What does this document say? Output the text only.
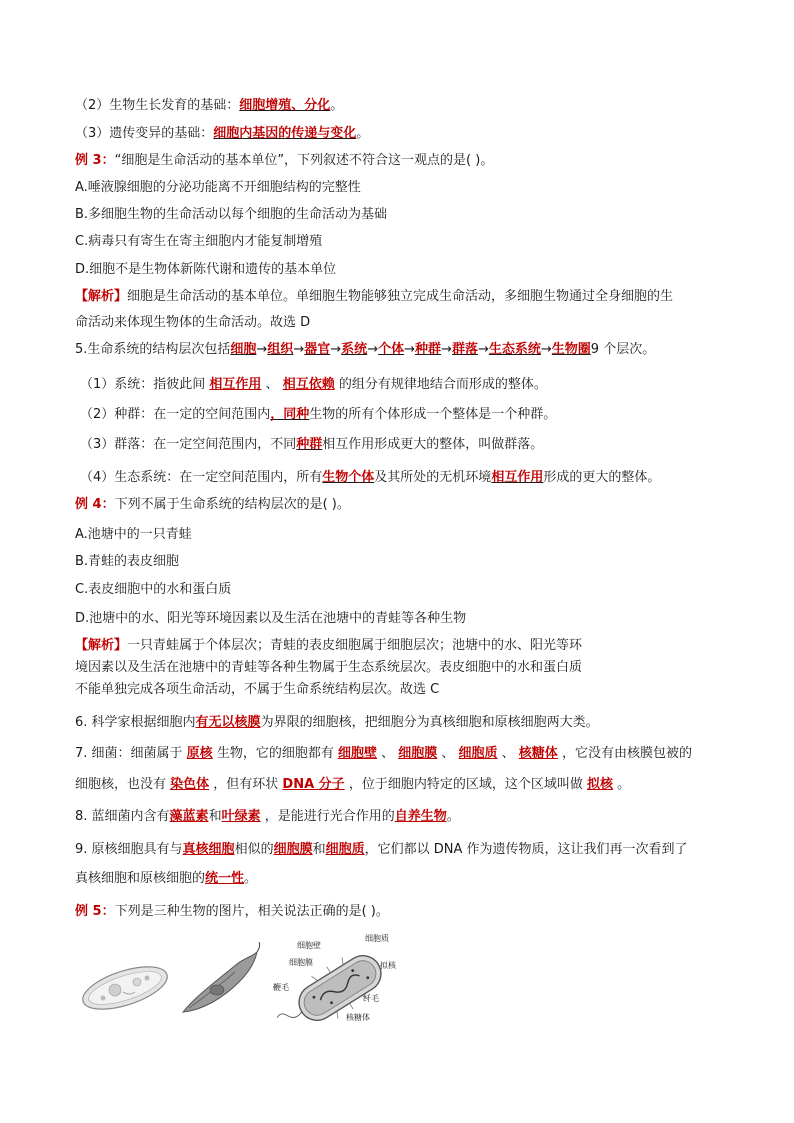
（2）生物生长发育的基础：细胞增殖、分化。
（3）遗传变异的基础：细胞内基因的传递与变化。
例 3：“细胞是生命活动的基本单位”，下列叙述不符合这一观点的是( )。
A.唾液腺细胞的分泌功能离不开细胞结构的完整性
B.多细胞生物的生命活动以每个细胞的生命活动为基础
C.病毒只有寄生在寄主细胞内才能复制增殖
D.细胞不是生物体新陈代谢和遗传的基本单位
【解析】细胞是生命活动的基本单位。单细胞生物能够独立完成生命活动，多细胞生物通过全身细胞的生
命活动来体现生物体的生命活动。故选 D
5.生命系统的结构层次包括细胞→组织→器官→系统→个体→种群→群落→生态系统→生物圈9 个层次。
（1）系统：指彼此间 相互作用 、 相互依赖 的组分有规律地结合而形成的整体。
（2）种群：在一定的空间范围内，同种生物的所有个体形成一个整体是一个种群。
（3）群落：在一定空间范围内，不同种群相互作用形成更大的整体，叫做群落。
（4）生态系统：在一定空间范围内，所有生物个体及其所处的无机环境相互作用形成的更大的整体。
例 4：下列不属于生命系统的结构层次的是( )。
A.池塘中的一只青蛙
B.青蛙的表皮细胞
C.表皮细胞中的水和蛋白质
D.池塘中的水、阳光等环境因素以及生活在池塘中的青蛙等各种生物
【解析】一只青蛙属于个体层次；青蛙的表皮细胞属于细胞层次；池塘中的水、阳光等环
境因素以及生活在池塘中的青蛙等各种生物属于生态系统层次。表皮细胞中的水和蛋白质
不能单独完成各项生命活动，不属于生命系统结构层次。故选 C
6. 科学家根据细胞内有无以核膜为界限的细胞核，把细胞分为真核细胞和原核细胞两大类。
7. 细菌：细菌属于 原核 生物，它的细胞都有 细胞壁 、 细胞膜 、 细胞质 、 核糖体 ，它没有由核膜包被的
细胞核，也没有 染色体 ，但有环状 DNA 分子 ，位于细胞内特定的区域，这个区域叫做 拟核 。
8. 蓝细菌内含有藻蓝素和叶绿素 ，是能进行光合作用的自养生物。
9. 原核细胞具有与真核细胞相似的细胞膜和细胞质，它们都以 DNA 作为遗传物质，这让我们再一次看到了
真核细胞和原核细胞的统一性。
例 5：下列是三种生物的图片，相关说法正确的是( )。
细胞壁
细胞膜
细胞质
拟核
鞭毛
纤毛
核糖体
